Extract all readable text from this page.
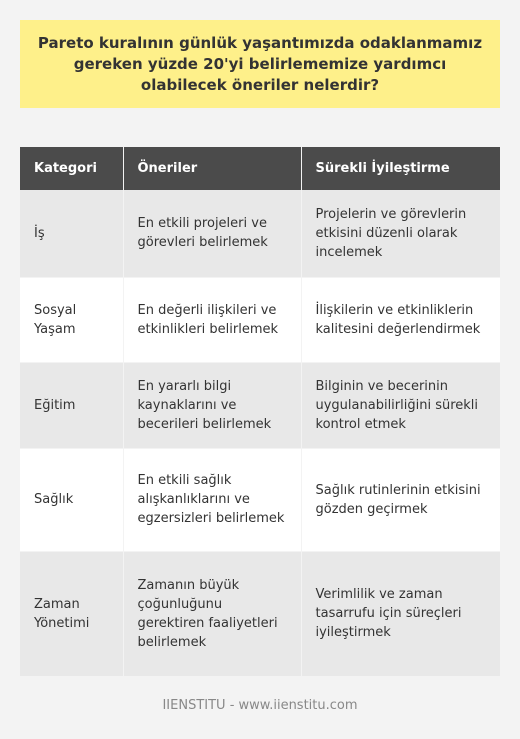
Pareto kuralının günlük yaşantımızda odaklanmamız gereken yüzde 20'yi belirlememize yardımcı olabilecek öneriler nelerdir?
Kategori	Öneriler	Sürekli İyileştirme
İş	En etkili projeleri ve görevleri belirlemek	Projelerin ve görevlerin etkisini düzenli olarak incelemek
Sosyal Yaşam	En değerli ilişkileri ve etkinlikleri belirlemek	İlişkilerin ve etkinliklerin kalitesini değerlendirmek
Eğitim	En yararlı bilgi kaynaklarını ve becerileri belirlemek	Bilginin ve becerinin uygulanabilirliğini sürekli kontrol etmek
Sağlık	En etkili sağlık alışkanlıklarını ve egzersizleri belirlemek	Sağlık rutinlerinin etkisini gözden geçirmek
Zaman Yönetimi	Zamanın büyük çoğunluğunu gerektiren faaliyetleri belirlemek	Verimlilik ve zaman tasarrufu için süreçleri iyileştirmek
IIENSTITU - www.iienstitu.com
